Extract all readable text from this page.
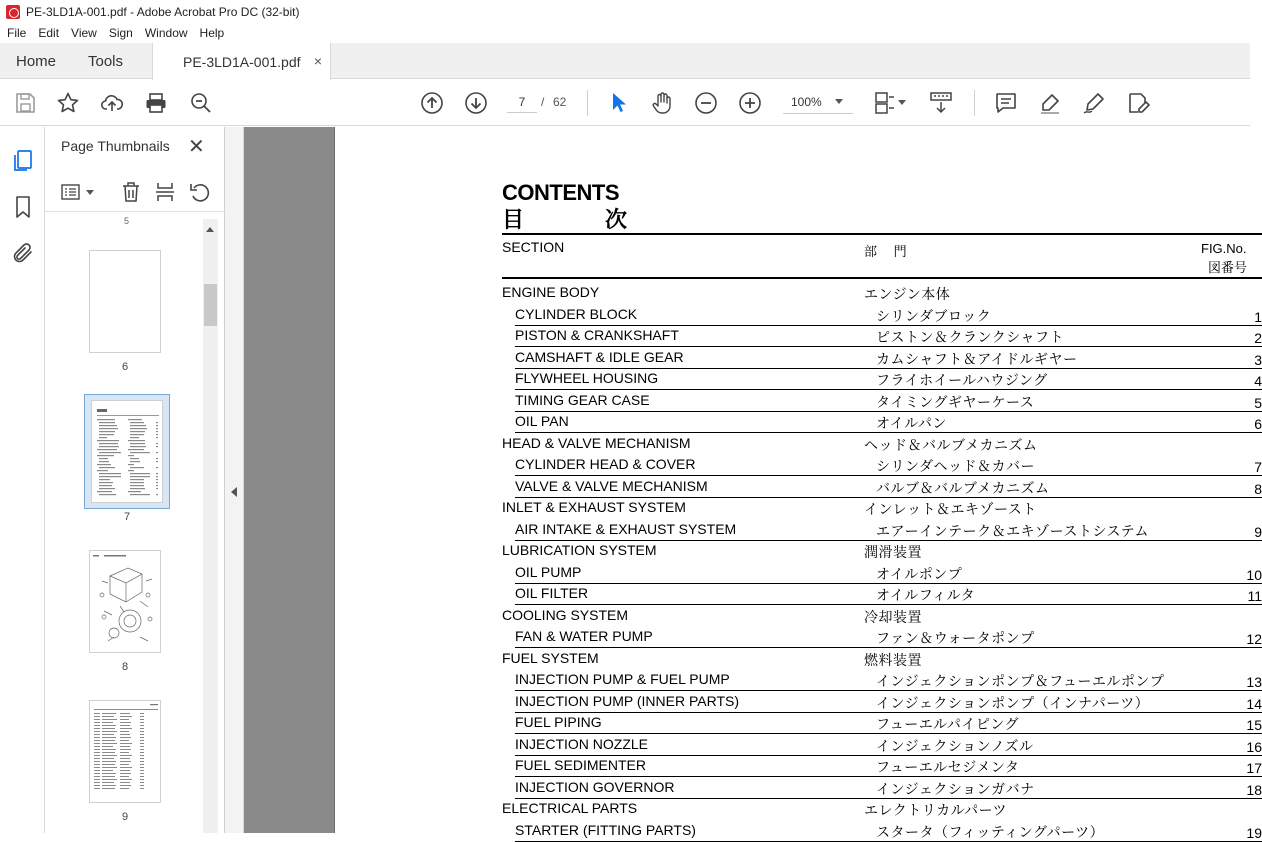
PE-3LD1A-001.pdf - Adobe Acrobat Pro DC (32-bit)
File Edit View Sign Window Help
Home Tools	PE-3LD1A-001.pdf ×
7
/ 62	100%
Page Thumbnails ✕
5
6
7
8
9
CONTENTS
目	次
SECTION	部　 門	FIG.No.
図番号
ENGINE BODY	エンジン本体
CYLINDER BLOCK	シリンダブロック	1
PISTON & CRANKSHAFT	ピストン＆クランクシャフト	2
CAMSHAFT & IDLE GEAR	カムシャフト＆アイドルギヤー	3
FLYWHEEL HOUSING	フライホイールハウジング	4
TIMING GEAR CASE	タイミングギヤーケース	5
OIL PAN	オイルパン	6
HEAD & VALVE MECHANISM	ヘッド＆バルブメカニズム
CYLINDER HEAD & COVER	シリンダヘッド＆カバー	7
VALVE & VALVE MECHANISM	バルブ＆バルブメカニズム	8
INLET & EXHAUST SYSTEM	インレット＆エキゾースト
AIR INTAKE & EXHAUST SYSTEM	エアーインテーク＆エキゾーストシステム	9
LUBRICATION SYSTEM	潤滑装置
OIL PUMP	オイルポンプ	10
OIL FILTER	オイルフィルタ	11
COOLING SYSTEM	冷却装置
FAN & WATER PUMP	ファン＆ウォータポンプ	12
FUEL SYSTEM	燃料装置
INJECTION PUMP & FUEL PUMP	インジェクションポンプ＆フューエルポンプ	13
INJECTION PUMP (INNER PARTS)	インジェクションポンプ（インナパーツ）	14
FUEL PIPING	フューエルパイピング	15
INJECTION NOZZLE	インジェクションノズル	16
FUEL SEDIMENTER	フューエルセジメンタ	17
INJECTION GOVERNOR	インジェクションガバナ	18
ELECTRICAL PARTS	エレクトリカルパーツ
STARTER (FITTING PARTS)	スタータ（フィッティングパーツ）	19
